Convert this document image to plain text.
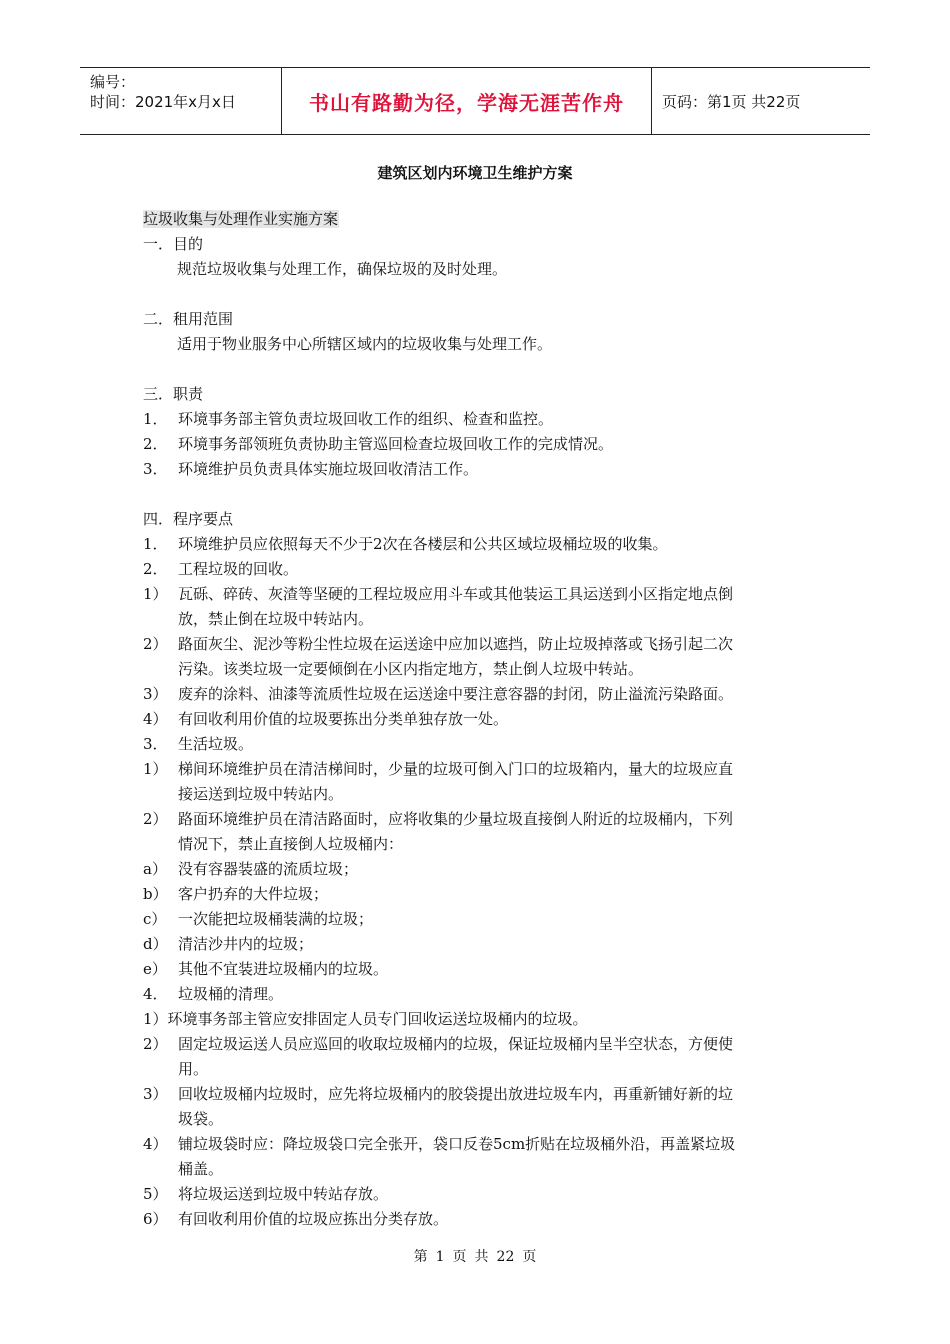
编号：
时间：2021年x月x日	书山有路勤为径，学海无涯苦作舟	页码：第1页 共22页
建筑区划内环境卫生维护方案
垃圾收集与处理作业实施方案
一．目的
规范垃圾收集与处理工作，确保垃圾的及时处理。
二．租用范围
适用于物业服务中心所辖区域内的垃圾收集与处理工作。
三．职责
1． 环境事务部主管负责垃圾回收工作的组织、检查和监控。
2． 环境事务部领班负责协助主管巡回检查垃圾回收工作的完成情况。
3． 环境维护员负责具体实施垃圾回收清洁工作。
四．程序要点
1． 环境维护员应依照每天不少于2次在各楼层和公共区域垃圾桶垃圾的收集。
2． 工程垃圾的回收。
1） 瓦砾、碎砖、灰渣等坚硬的工程垃圾应用斗车或其他装运工具运送到小区指定地点倒
放，禁止倒在垃圾中转站内。
2） 路面灰尘、泥沙等粉尘性垃圾在运送途中应加以遮挡，防止垃圾掉落或飞扬引起二次
污染。该类垃圾一定要倾倒在小区内指定地方，禁止倒人垃圾中转站。
3） 废弃的涂料、油漆等流质性垃圾在运送途中要注意容器的封闭，防止溢流污染路面。
4） 有回收利用价值的垃圾要拣出分类单独存放一处。
3． 生活垃圾。
1） 梯间环境维护员在清洁梯间时，少量的垃圾可倒入门口的垃圾箱内，量大的垃圾应直
接运送到垃圾中转站内。
2） 路面环境维护员在清洁路面时，应将收集的少量垃圾直接倒人附近的垃圾桶内，下列
情况下，禁止直接倒人垃圾桶内：
a） 没有容器装盛的流质垃圾；
b） 客户扔弃的大件垃圾；
c） 一次能把垃圾桶装满的垃圾；
d） 清洁沙井内的垃圾；
e） 其他不宜装进垃圾桶内的垃圾。
4． 垃圾桶的清理。
1）环境事务部主管应安排固定人员专门回收运送垃圾桶内的垃圾。
2） 固定垃圾运送人员应巡回的收取垃圾桶内的垃圾，保证垃圾桶内呈半空状态，方便使
用。
3） 回收垃圾桶内垃圾时，应先将垃圾桶内的胶袋提出放进垃圾车内，再重新铺好新的垃
圾袋。
4） 铺垃圾袋时应：降垃圾袋口完全张开，袋口反卷5cm折贴在垃圾桶外沿，再盖紧垃圾
桶盖。
5） 将垃圾运送到垃圾中转站存放。
6） 有回收利用价值的垃圾应拣出分类存放。
第 1 页 共 22 页
